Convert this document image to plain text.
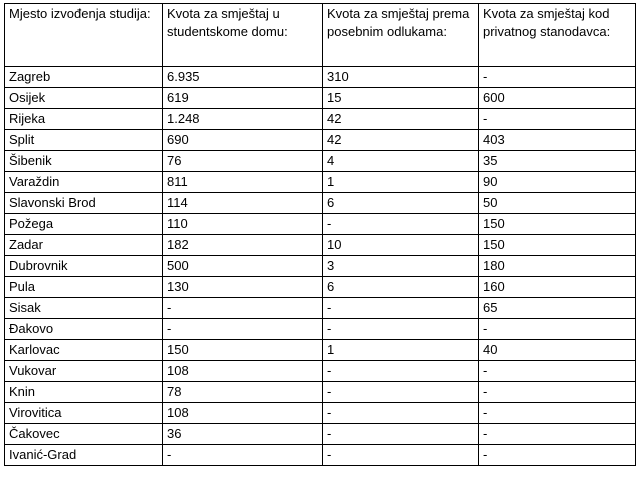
Mjesto izvođenja studija:	Kvota za smještaj u studentskome domu:	Kvota za smještaj prema posebnim odlukama:	Kvota za smještaj kod privatnog stanodavca:
Zagreb	6.935	310	-
Osijek	619	15	600
Rijeka	1.248	42	-
Split	690	42	403
Šibenik	76	4	35
Varaždin	811	1	90
Slavonski Brod	114	6	50
Požega	110	-	150
Zadar	182	10	150
Dubrovnik	500	3	180
Pula	130	6	160
Sisak	-	-	65
Đakovo	-	-	-
Karlovac	150	1	40
Vukovar	108	-	-
Knin	78	-	-
Virovitica	108	-	-
Čakovec	36	-	-
Ivanić-Grad	-	-	-
